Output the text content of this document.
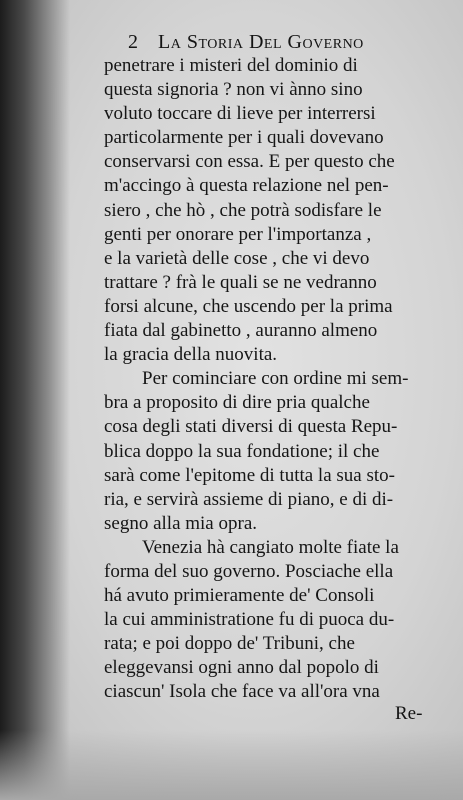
2 La Storia Del Governo
penetrare i misteri del dominio di
questa signoria ? non vi ànno sino
voluto toccare di lieve per interrersi
particolarmente per i quali dovevano
conservarsi con essa. E per questo che
m'accingo à questa relazione nel pen-
siero , che hò , che potrà sodisfare le
genti per onorare per l'importanza ,
e la varietà delle cose , che vi devo
trattare ? frà le quali se ne vedranno
forsi alcune, che uscendo per la prima
fiata dal gabinetto , auranno almeno
la gracia della nuovita.
Per cominciare con ordine mi sem-
bra a proposito di dire pria qualche
cosa degli stati diversi di questa Repu-
blica doppo la sua fondatione; il che
sarà come l'epitome di tutta la sua sto-
ria, e servirà assieme di piano, e di di-
segno alla mia opra.
Venezia hà cangiato molte fiate la
forma del suo governo. Posciache ella
há avuto primieramente de' Consoli
la cui amministratione fu di puoca du-
rata; e poi doppo de' Tribuni, che
eleggevansi ogni anno dal popolo di
ciascun' Isola che face va all'ora vna
Re-
